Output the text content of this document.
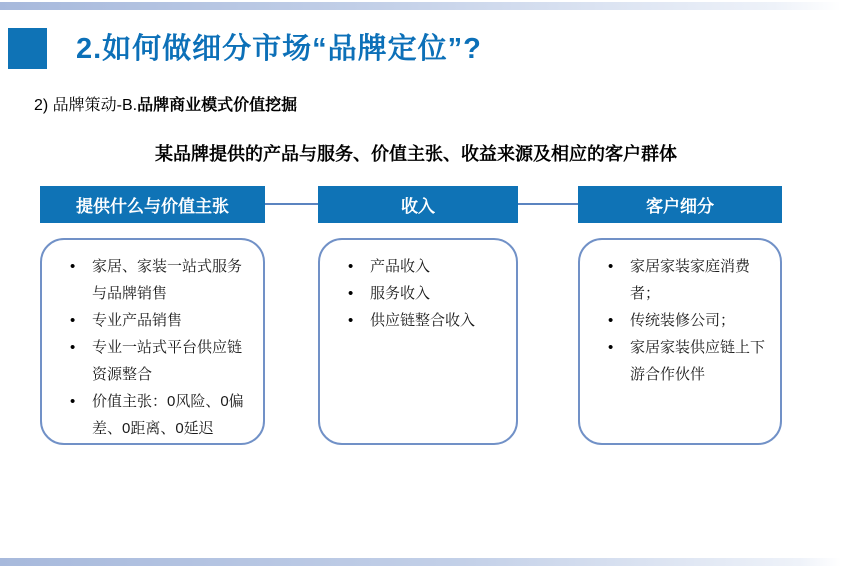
2.如何做细分市场“品牌定位”?
2) 品牌策动-B.品牌商业模式价值挖掘
某品牌提供的产品与服务、价值主张、收益来源及相应的客户群体
提供什么与价值主张	收入	客户细分
• 家居、家装一站式服务与品牌销售
• 专业产品销售
• 专业一站式平台供应链资源整合
• 价值主张：0风险、0偏差、0距离、0延迟
• 产品收入
• 服务收入
• 供应链整合收入
• 家居家装家庭消费者；
• 传统装修公司；
• 家居家装供应链上下游合作伙伴
